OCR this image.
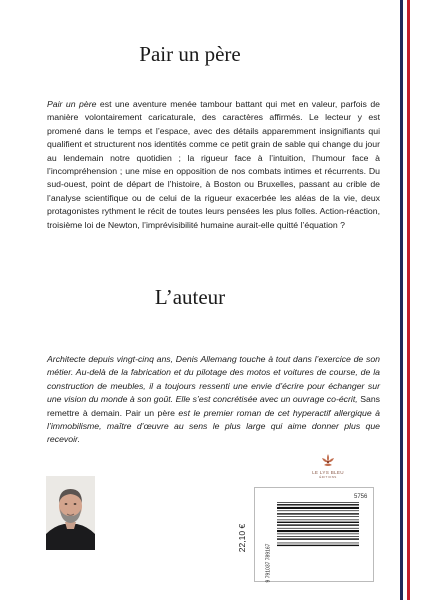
Pair un père
Pair un père est une aventure menée tambour battant qui met en valeur, parfois de manière volontairement caricaturale, des caractères affirmés. Le lecteur y est promené dans le temps et l’espace, avec des détails apparemment insignifiants qui qualifient et structurent nos identités comme ce petit grain de sable qui change du jour au lendemain notre quotidien ; la rigueur face à l’intuition, l’humour face à l’incompréhension ; une mise en opposition de nos combats intimes et récurrents. Du sud-ouest, point de départ de l’histoire, à Boston ou Bruxelles, passant au crible de l’analyse scientifique ou de celui de la rigueur exacerbée les aléas de la vie, deux protagonistes rythment le récit de toutes leurs pensées les plus folles. Action-réaction, troisième loi de Newton, l’imprévisibilité humaine aurait-elle quitté l’équation ?
L’auteur
Architecte depuis vingt-cinq ans, Denis Allemang touche à tout dans l’exercice de son métier. Au-delà de la fabrication et du pilotage des motos et voitures de course, de la construction de meubles, il a toujours ressenti une envie d’écrire pour échanger sur une vision du monde à son goût. Elle s’est concrétisée avec un ouvrage co-écrit, Sans remettre à demain. Pair un père est le premier roman de cet hyperactif allergique à l’immobilisme, maître d’œuvre au sens le plus large qui aime donner plus que recevoir.
LE LYS BLEU
ÉDITIONS
22,10 €
5756
9 791037 789167
